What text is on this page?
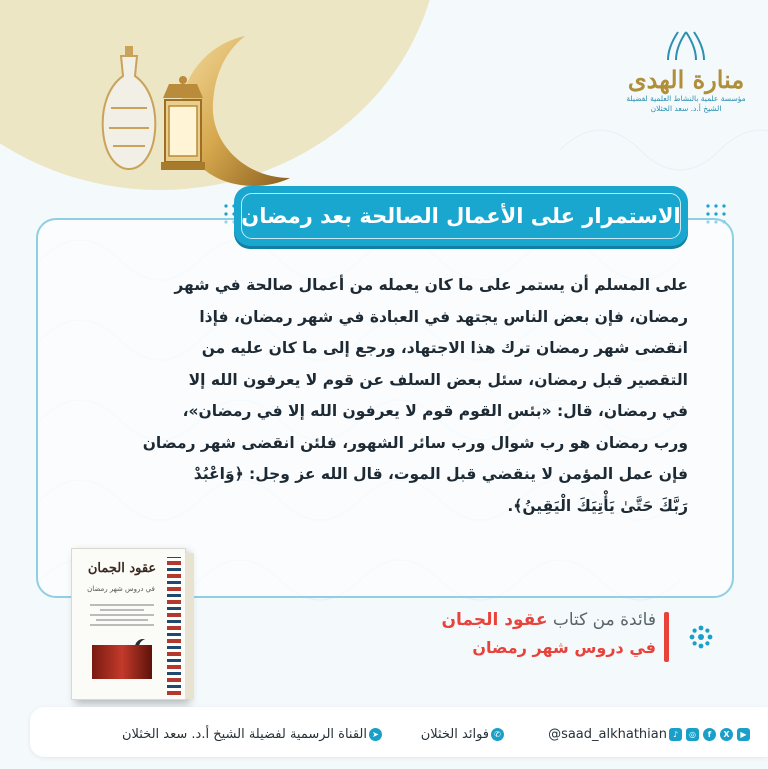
منارة الهدى
مؤسسة علمية بالنشاط العلمية لفضيلة الشيخ أ.د. سعد الخثلان
الاستمرار على الأعمال الصالحة بعد رمضان
على المسلم أن يستمر على ما كان يعمله من أعمال صالحة في شهر
رمضان، فإن بعض الناس يجتهد في العبادة في شهر رمضان، فإذا
انقضى شهر رمضان ترك هذا الاجتهاد، ورجع إلى ما كان عليه من
التقصير قبل رمضان، سئل بعض السلف عن قوم لا يعرفون الله إلا
في رمضان، قال: «بئس القوم قوم لا يعرفون الله إلا في رمضان»،
ورب رمضان هو رب شوال ورب سائر الشهور، فلئن انقضى شهر رمضان
فإن عمل المؤمن لا ينقضي قبل الموت، قال الله عز وجل: ﴿وَاعْبُدْ
رَبَّكَ حَتَّىٰ يَأْتِيَكَ الْيَقِينُ﴾.
عقود الجمان
في دروس شهر رمضان
فائدة من كتاب عقود الجمان
في دروس شهر رمضان
@saad_alkhathian ♪	◎	f	X	▶
فوائد الخثلان ✆
القناة الرسمية لفضيلة الشيخ أ.د. سعد الخثلان ➤
